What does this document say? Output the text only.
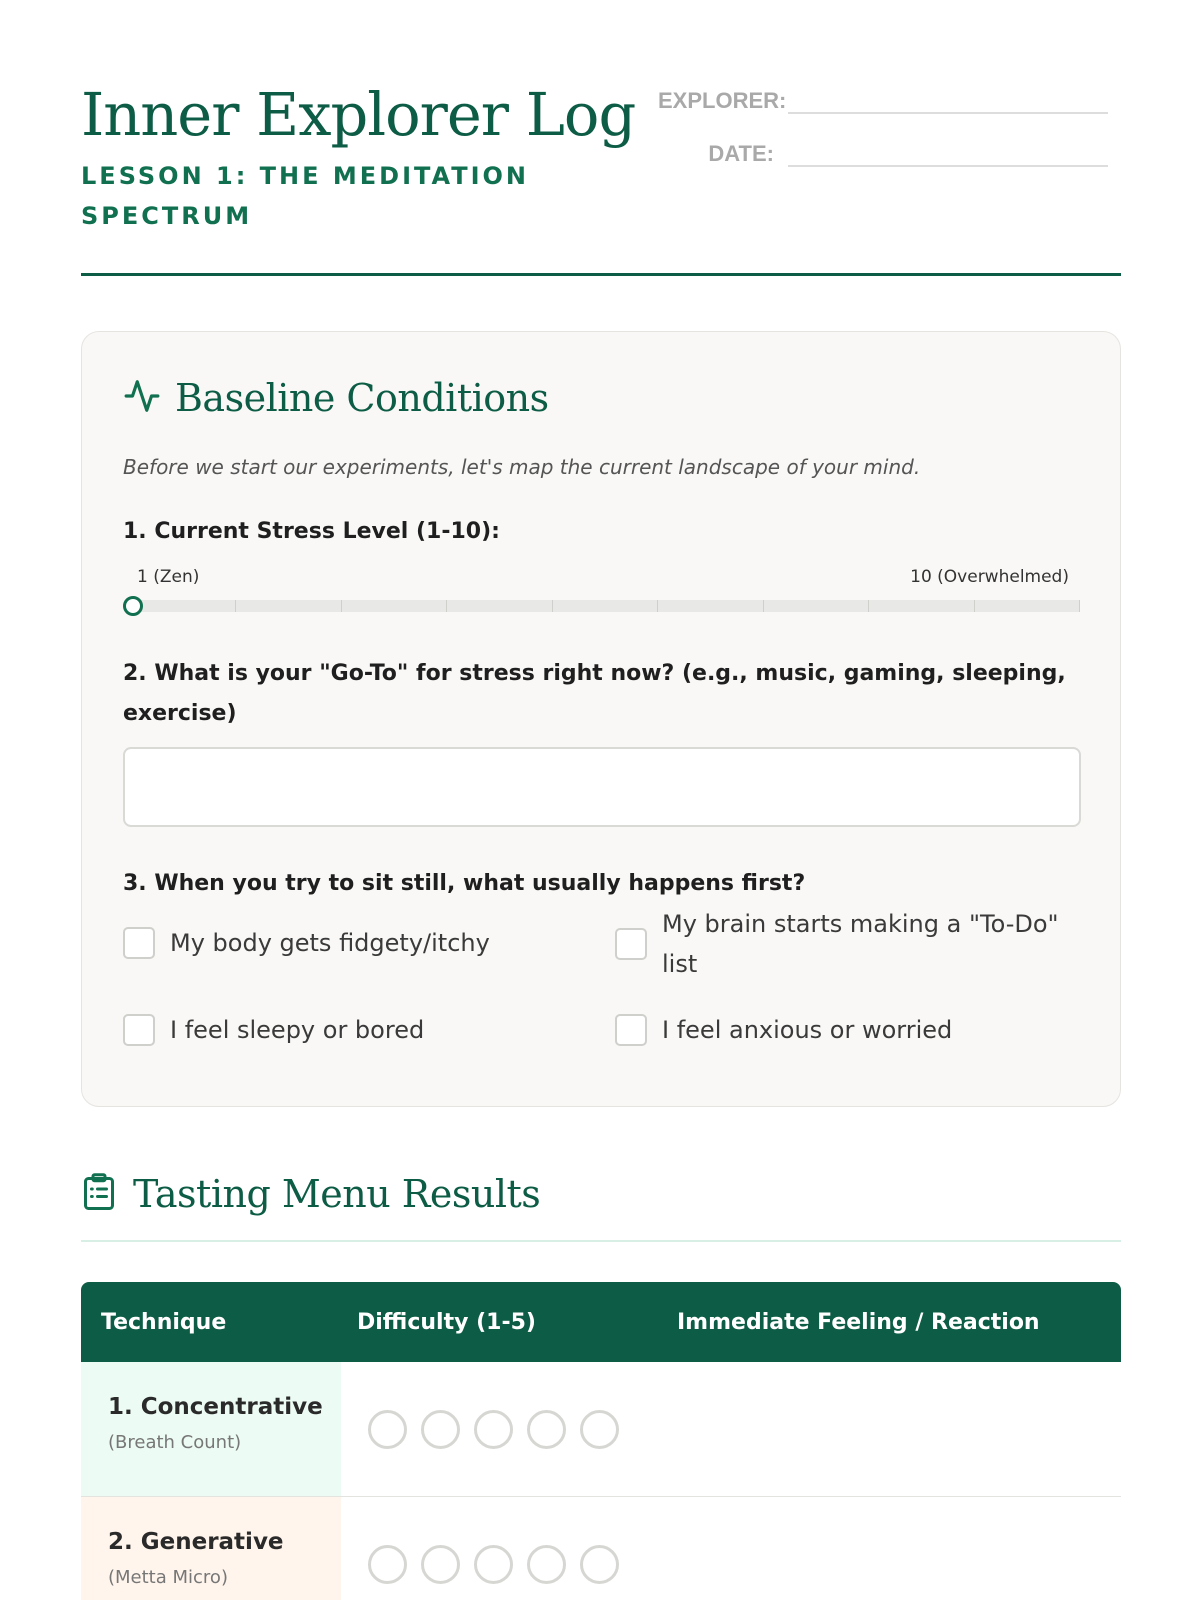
Inner Explorer Log
LESSON 1: THE MEDITATION SPECTRUM
EXPLORER:
DATE:
Baseline Conditions
Before we start our experiments, let's map the current landscape of your mind.
1. Current Stress Level (1-10):
1 (Zen)	10 (Overwhelmed)
2. What is your "Go-To" for stress right now? (e.g., music, gaming, sleeping, exercise)
3. When you try to sit still, what usually happens first?
My body gets fidgety/itchy
My brain starts making a "To-Do" list
I feel sleepy or bored	I feel anxious or worried
Tasting Menu Results
Technique	Difficulty (1-5)	Immediate Feeling / Reaction
1. Concentrative
(Breath Count)
2. Generative
(Metta Micro)
